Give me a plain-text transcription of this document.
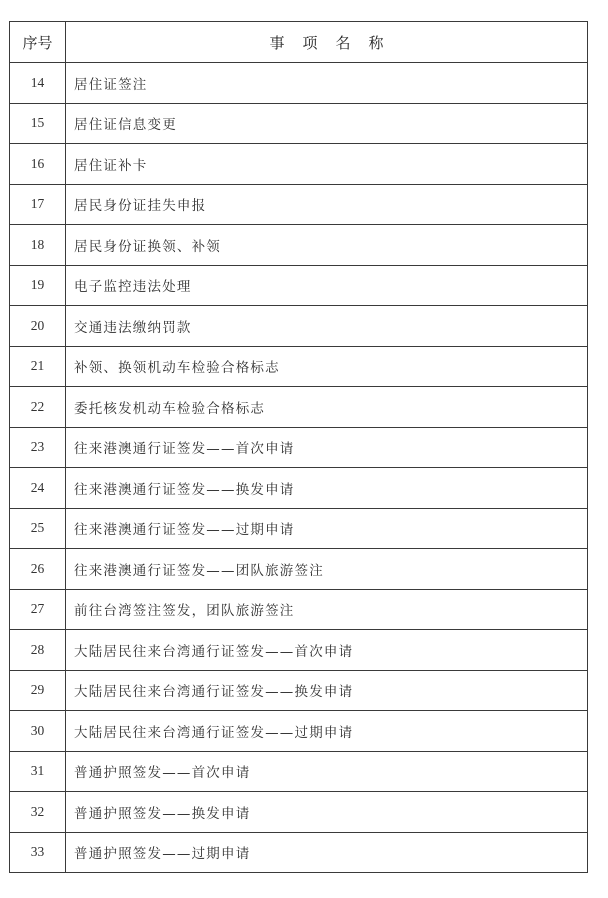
序号	事项名称
14	居住证签注
15	居住证信息变更
16	居住证补卡
17	居民身份证挂失申报
18	居民身份证换领、补领
19	电子监控违法处理
20	交通违法缴纳罚款
21	补领、换领机动车检验合格标志
22	委托核发机动车检验合格标志
23	往来港澳通行证签发——首次申请
24	往来港澳通行证签发——换发申请
25	往来港澳通行证签发——过期申请
26	往来港澳通行证签发——团队旅游签注
27	前往台湾签注签发，团队旅游签注
28	大陆居民往来台湾通行证签发——首次申请
29	大陆居民往来台湾通行证签发——换发申请
30	大陆居民往来台湾通行证签发——过期申请
31	普通护照签发——首次申请
32	普通护照签发——换发申请
33	普通护照签发——过期申请
